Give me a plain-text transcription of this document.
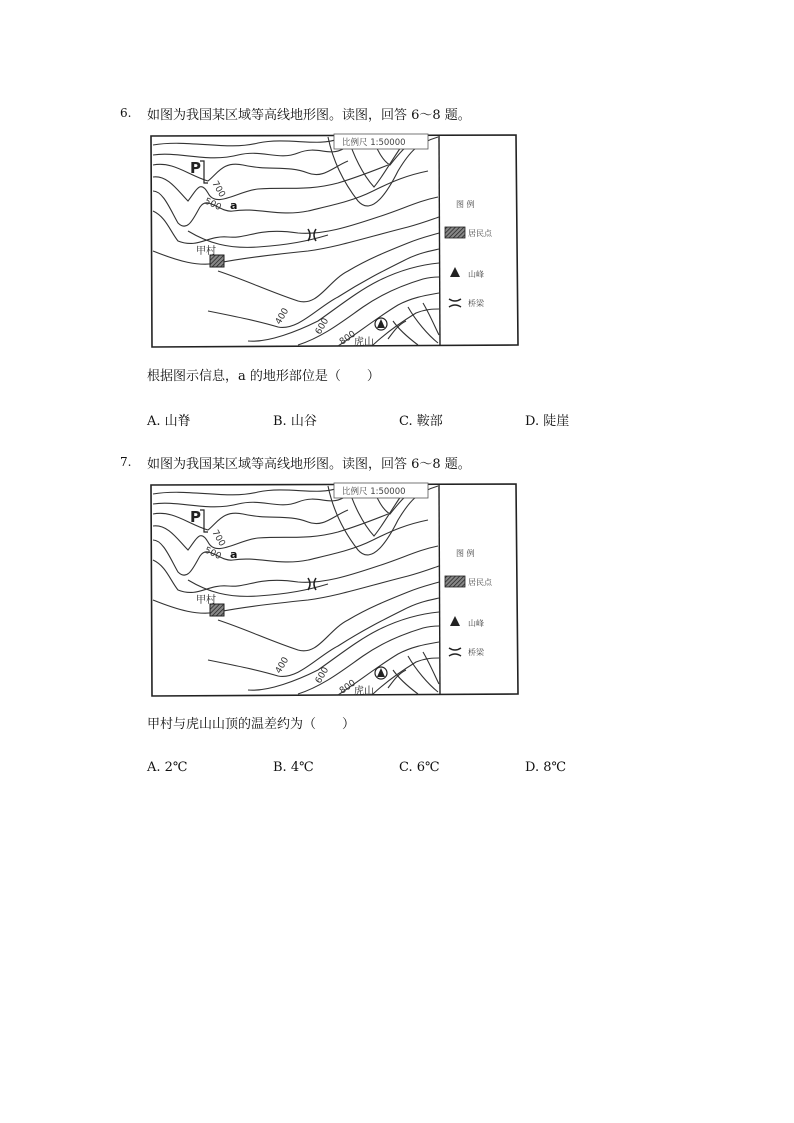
6. 如图为我国某区域等高线地形图。读图，回答 6～8 题。
比例尺 1:50000
P
700
500 a
400
600
800
甲村
虎山
图 例
居民点
山峰
桥梁
根据图示信息，a 的地形部位是（　　）
A. 山脊	B. 山谷	C. 鞍部	D. 陡崖
7. 如图为我国某区域等高线地形图。读图，回答 6～8 题。
比例尺 1:50000
P
700
500 a
400
600
800
甲村
虎山
图 例
居民点
山峰
桥梁
甲村与虎山山顶的温差约为（　　）
A. 2℃	B. 4℃	C. 6℃	D. 8℃
